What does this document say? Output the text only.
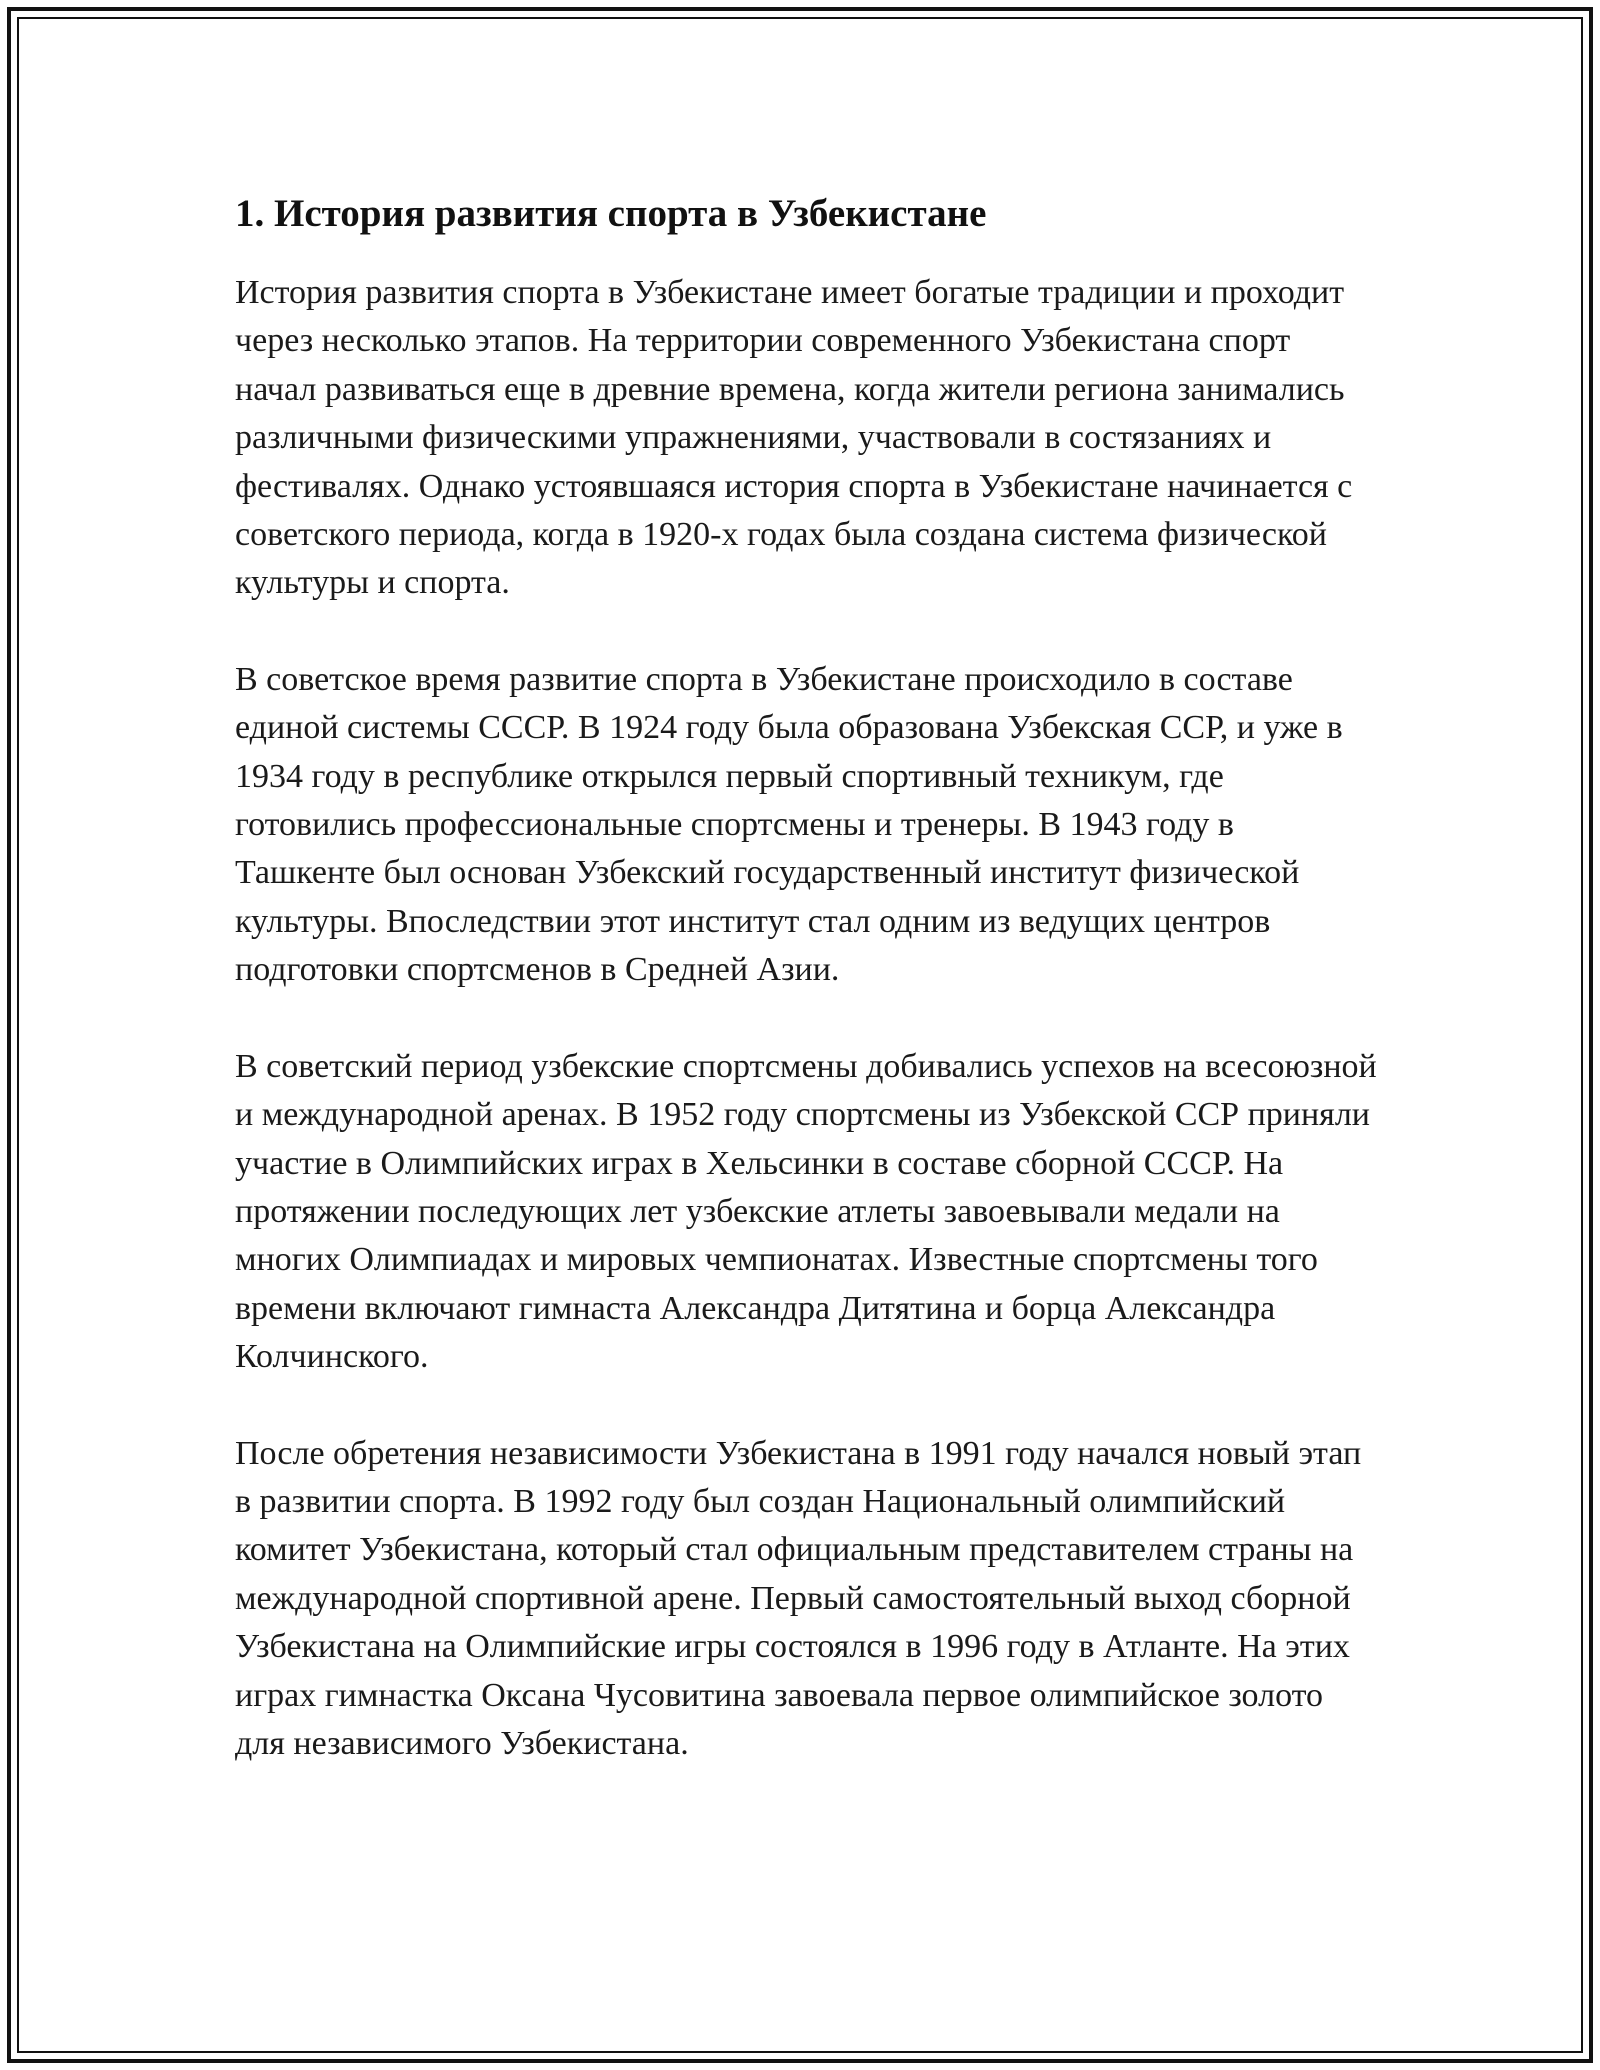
1. История развития спорта в Узбекистане

История развития спорта в Узбекистане имеет богатые традиции и проходит через несколько этапов. На территории современного Узбекистана спорт начал развиваться еще в древние времена, когда жители региона занимались различными физическими упражнениями, участвовали в состязаниях и фестивалях. Однако устоявшаяся история спорта в Узбекистане начинается с советского периода, когда в 1920-х годах была создана система физической культуры и спорта.

В советское время развитие спорта в Узбекистане происходило в составе единой системы СССР. В 1924 году была образована Узбекская ССР, и уже в 1934 году в республике открылся первый спортивный техникум, где готовились профессиональные спортсмены и тренеры. В 1943 году в Ташкенте был основан Узбекский государственный институт физической культуры. Впоследствии этот институт стал одним из ведущих центров подготовки спортсменов в Средней Азии.

В советский период узбекские спортсмены добивались успехов на всесоюзной и международной аренах. В 1952 году спортсмены из Узбекской ССР приняли участие в Олимпийских играх в Хельсинки в составе сборной СССР. На протяжении последующих лет узбекские атлеты завоевывали медали на многих Олимпиадах и мировых чемпионатах. Известные спортсмены того времени включают гимнаста Александра Дитятина и борца Александра Колчинского.

После обретения независимости Узбекистана в 1991 году начался новый этап в развитии спорта. В 1992 году был создан Национальный олимпийский комитет Узбекистана, который стал официальным представителем страны на международной спортивной арене. Первый самостоятельный выход сборной Узбекистана на Олимпийские игры состоялся в 1996 году в Атланте. На этих играх гимнастка Оксана Чусовитина завоевала первое олимпийское золото для независимого Узбекистана.
